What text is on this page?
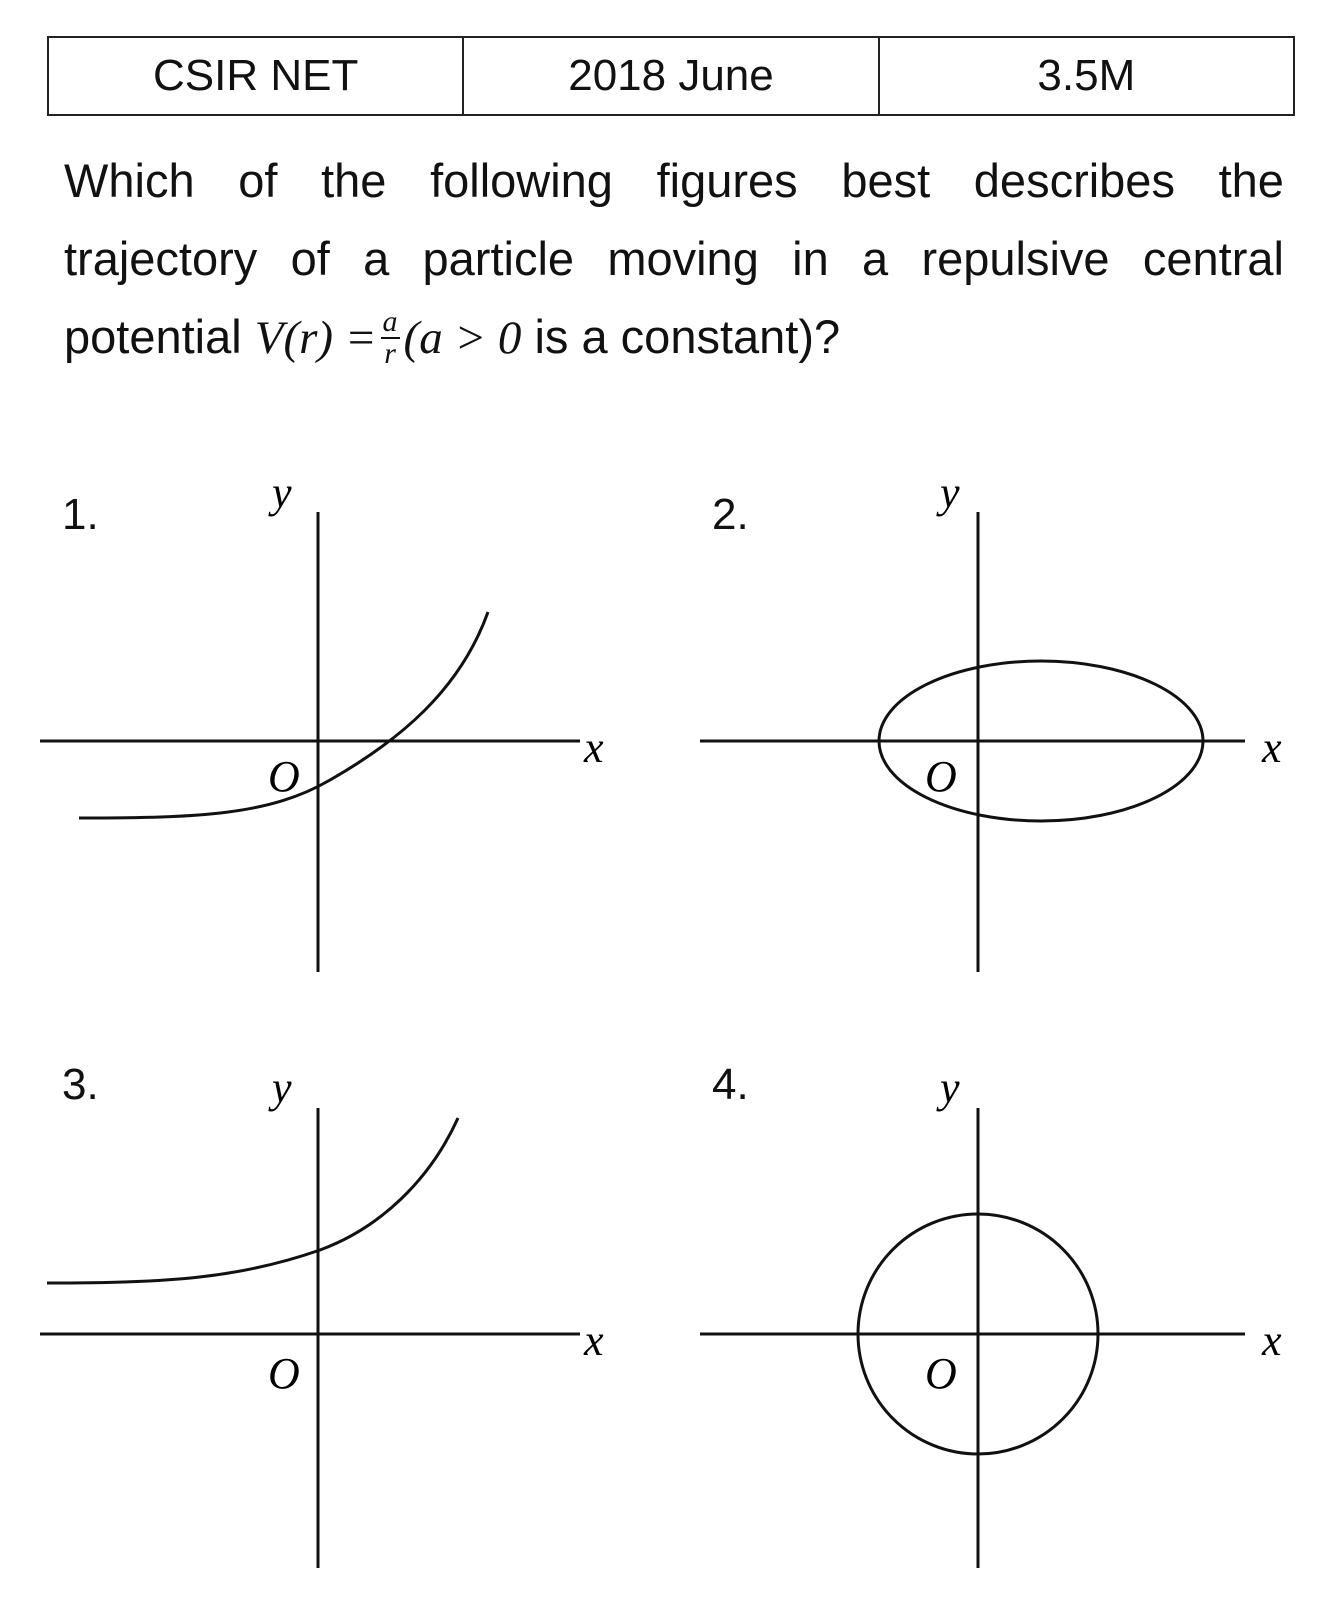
CSIR NET	2018 June	3.5M
Which of the following figures best describes the
trajectory of a particle moving in a repulsive central
potential $V(r) = \frac{a}{r} (a > 0$ is a constant)?
1.
x
y
O
2.
x
y
O
3.
x
y
O
4.
x
y
O
